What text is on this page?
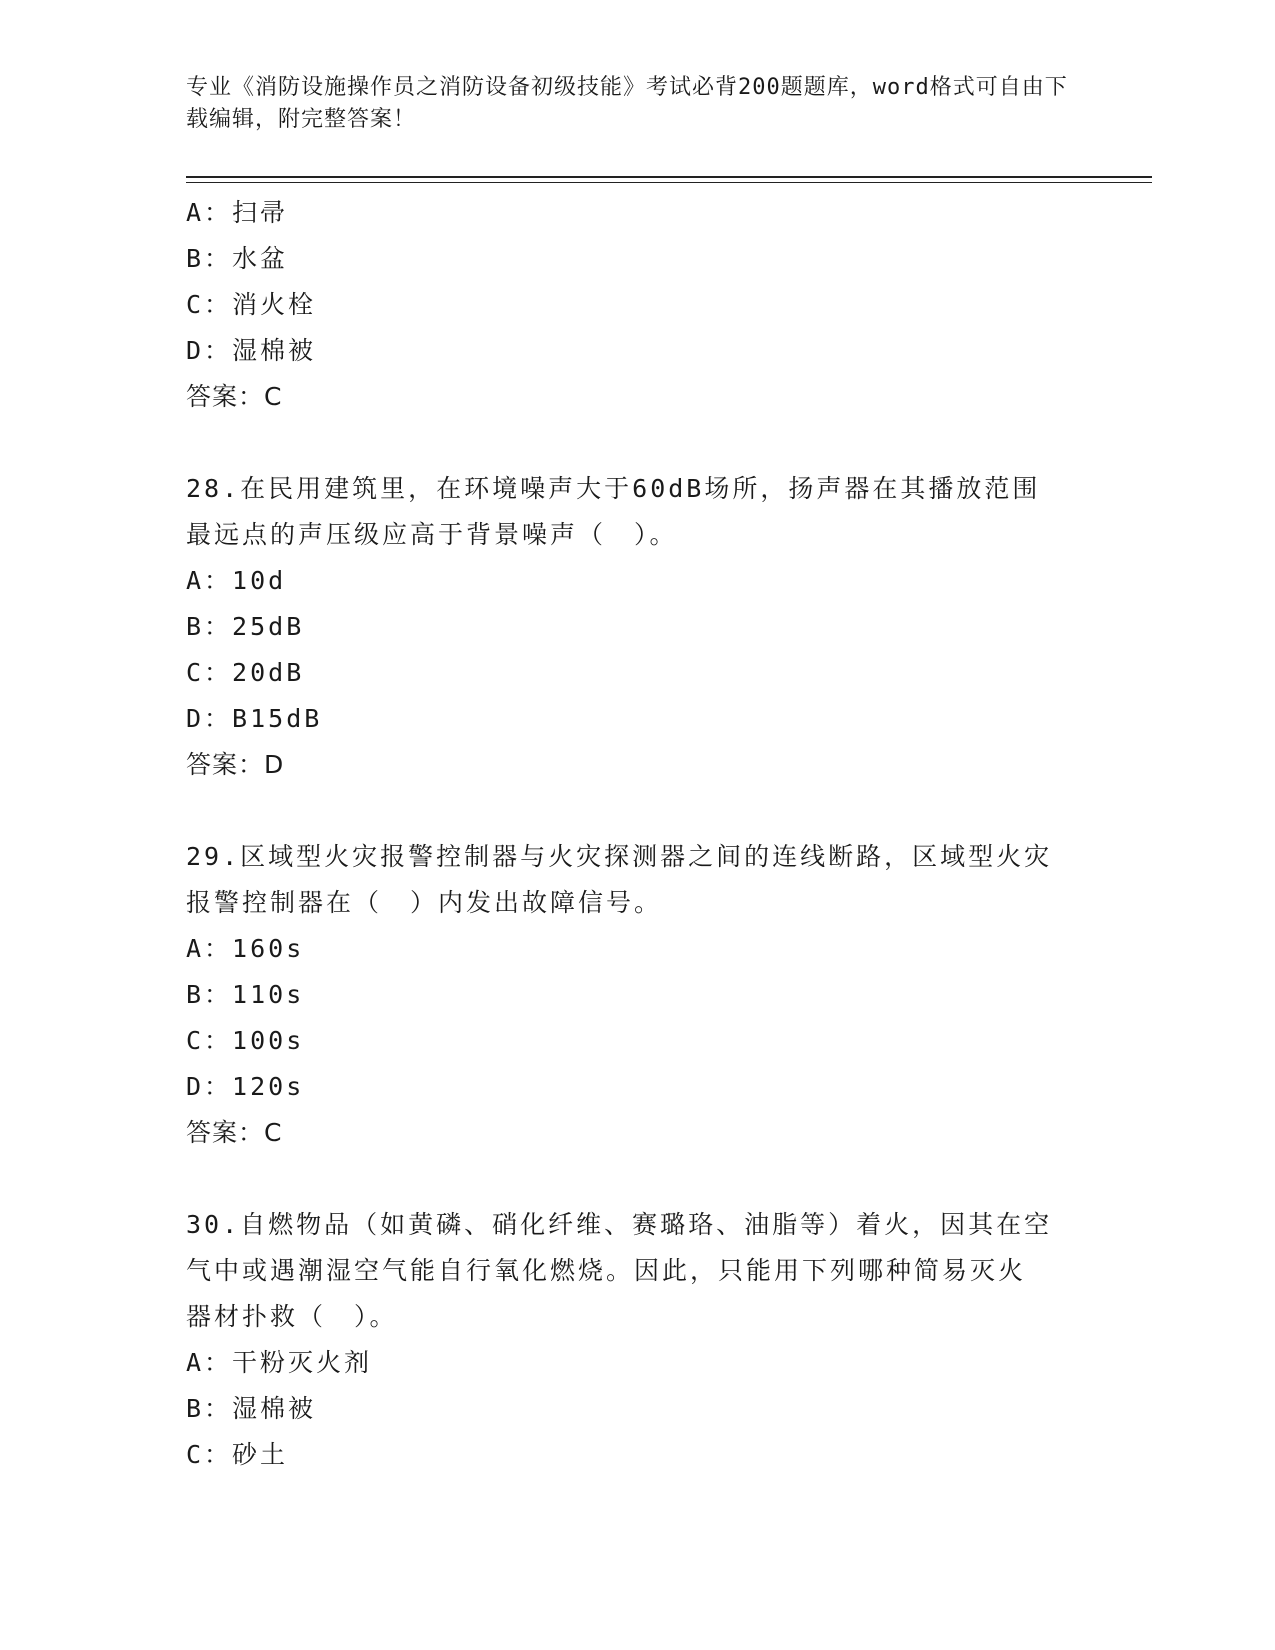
专业《消防设施操作员之消防设备初级技能》考试必背200题题库，word格式可自由下载编辑，附完整答案！
A：扫帚
B：水盆
C：消火栓
D：湿棉被
答案：C
28.在民用建筑里，在环境噪声大于60dB场所，扬声器在其播放范围
最远点的声压级应高于背景噪声（　）。
A：10d
B：25dB
C：20dB
D：B15dB
答案：D
29.区域型火灾报警控制器与火灾探测器之间的连线断路，区域型火灾
报警控制器在（　）内发出故障信号。
A：160s
B：110s
C：100s
D：120s
答案：C
30.自燃物品（如黄磷、硝化纤维、赛璐珞、油脂等）着火，因其在空
气中或遇潮湿空气能自行氧化燃烧。因此，只能用下列哪种简易灭火
器材扑救（　）。
A：干粉灭火剂
B：湿棉被
C：砂土
